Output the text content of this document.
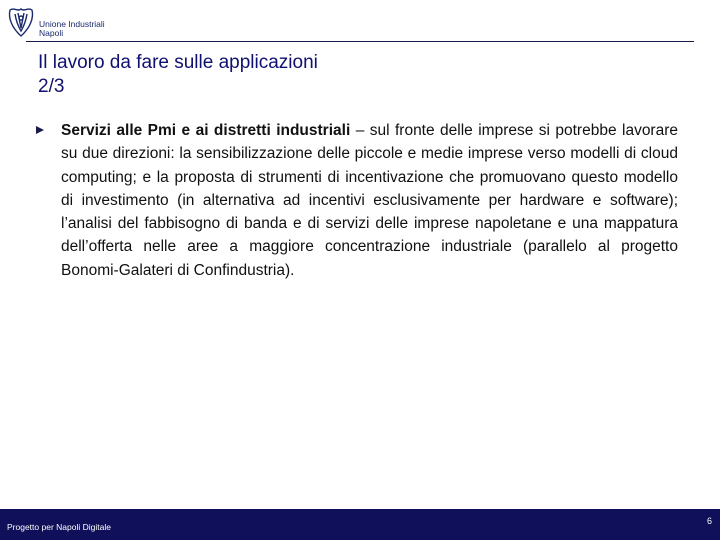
Unione Industriali
Napoli
Il lavoro da fare sulle applicazioni
2/3
Servizi alle Pmi e ai distretti industriali – sul fronte delle imprese si potrebbe lavorare su due direzioni: la sensibilizzazione delle piccole e medie imprese verso modelli di cloud computing; e la proposta di strumenti di incentivazione che promuovano questo modello di investimento (in alternativa ad incentivi esclusivamente per hardware e software); l’analisi del fabbisogno di banda e di servizi delle imprese napoletane e una mappatura dell’offerta nelle aree a maggiore concentrazione industriale (parallelo al progetto Bonomi-Galateri di Confindustria).
Progetto per Napoli Digitale
6
